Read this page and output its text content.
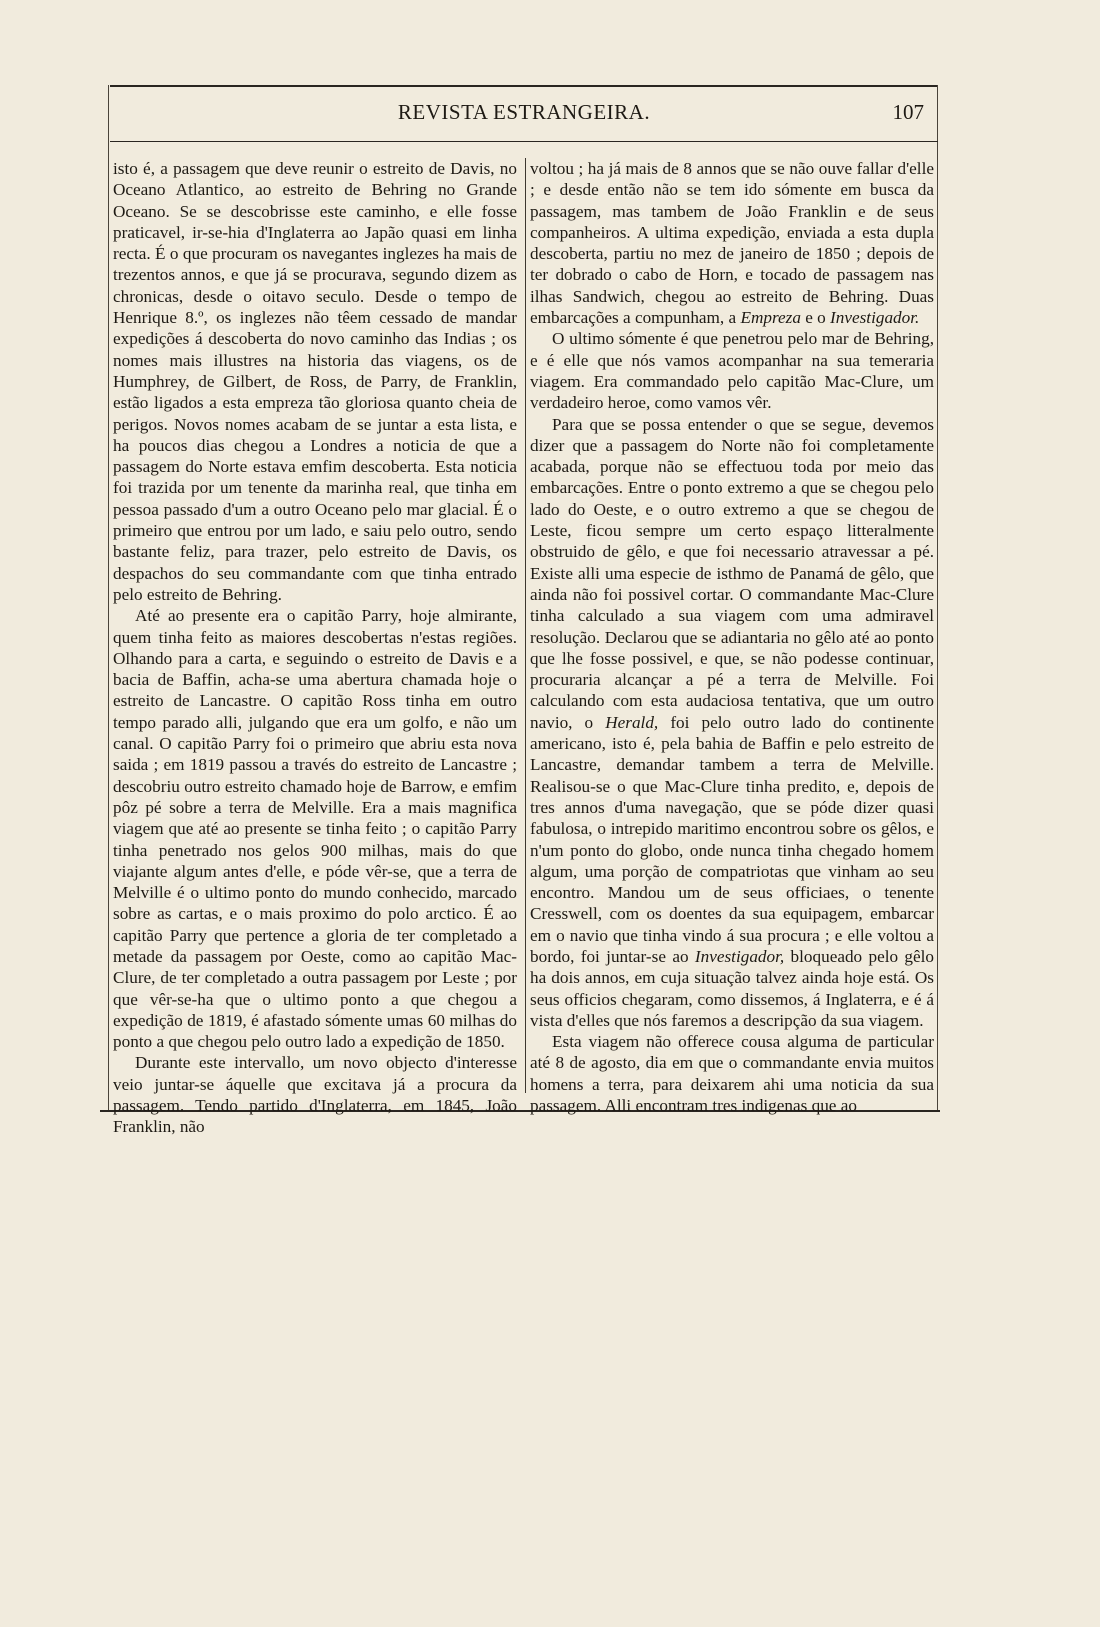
REVISTA ESTRANGEIRA.	107

isto é, a passagem que deve reunir o estreito de Davis, no Oceano Atlantico, ao estreito de Behring no Grande Oceano. Se se descobrisse este caminho, e elle fosse praticavel, ir-se-hia d'Inglaterra ao Japão quasi em linha recta. É o que procuram os navegantes inglezes ha mais de trezentos annos, e que já se procurava, segundo dizem as chronicas, desde o oitavo seculo. Desde o tempo de Henrique 8.º, os inglezes não têem cessado de mandar expedições á descoberta do novo caminho das Indias ; os nomes mais illustres na historia das viagens, os de Humphrey, de Gilbert, de Ross, de Parry, de Franklin, estão ligados a esta empreza tão gloriosa quanto cheia de perigos. Novos nomes acabam de se juntar a esta lista, e ha poucos dias chegou a Londres a noticia de que a passagem do Norte estava emfim descoberta. Esta noticia foi trazida por um tenente da marinha real, que tinha em pessoa passado d'um a outro Oceano pelo mar glacial. É o primeiro que entrou por um lado, e saiu pelo outro, sendo bastante feliz, para trazer, pelo estreito de Davis, os despachos do seu commandante com que tinha entrado pelo estreito de Behring.

Até ao presente era o capitão Parry, hoje almirante, quem tinha feito as maiores descobertas n'estas regiões. Olhando para a carta, e seguindo o estreito de Davis e a bacia de Baffin, acha-se uma abertura chamada hoje o estreito de Lancastre. O capitão Ross tinha em outro tempo parado alli, julgando que era um golfo, e não um canal. O capitão Parry foi o primeiro que abriu esta nova saida ; em 1819 passou a través do estreito de Lancastre ; descobriu outro estreito chamado hoje de Barrow, e emfim pôz pé sobre a terra de Melville. Era a mais magnifica viagem que até ao presente se tinha feito ; o capitão Parry tinha penetrado nos gelos 900 milhas, mais do que viajante algum antes d'elle, e póde vêr-se, que a terra de Melville é o ultimo ponto do mundo conhecido, marcado sobre as cartas, e o mais proximo do polo arctico. É ao capitão Parry que pertence a gloria de ter completado a metade da passagem por Oeste, como ao capitão Mac-Clure, de ter completado a outra passagem por Leste ; por que vêr-se-ha que o ultimo ponto a que chegou a expedição de 1819, é afastado sómente umas 60 milhas do ponto a que chegou pelo outro lado a expedição de 1850.

Durante este intervallo, um novo objecto d'interesse veio juntar-se áquelle que excitava já a procura da passagem. Tendo partido d'Inglaterra, em 1845, João Franklin, não

voltou ; ha já mais de 8 annos que se não ouve fallar d'elle ; e desde então não se tem ido sómente em busca da passagem, mas tambem de João Franklin e de seus companheiros. A ultima expedição, enviada a esta dupla descoberta, partiu no mez de janeiro de 1850 ; depois de ter dobrado o cabo de Horn, e tocado de passagem nas ilhas Sandwich, chegou ao estreito de Behring. Duas embarcações a compunham, a Empreza e o Investigador.

O ultimo sómente é que penetrou pelo mar de Behring, e é elle que nós vamos acompanhar na sua temeraria viagem. Era commandado pelo capitão Mac-Clure, um verdadeiro heroe, como vamos vêr.

Para que se possa entender o que se segue, devemos dizer que a passagem do Norte não foi completamente acabada, porque não se effectuou toda por meio das embarcações. Entre o ponto extremo a que se chegou pelo lado do Oeste, e o outro extremo a que se chegou de Leste, ficou sempre um certo espaço litteralmente obstruido de gêlo, e que foi necessario atravessar a pé. Existe alli uma especie de isthmo de Panamá de gêlo, que ainda não foi possivel cortar. O commandante Mac-Clure tinha calculado a sua viagem com uma admiravel resolução. Declarou que se adiantaria no gêlo até ao ponto que lhe fosse possivel, e que, se não podesse continuar, procuraria alcançar a pé a terra de Melville. Foi calculando com esta audaciosa tentativa, que um outro navio, o Herald, foi pelo outro lado do continente americano, isto é, pela bahia de Baffin e pelo estreito de Lancastre, demandar tambem a terra de Melville. Realisou-se o que Mac-Clure tinha predito, e, depois de tres annos d'uma navegação, que se póde dizer quasi fabulosa, o intrepido maritimo encontrou sobre os gêlos, e n'um ponto do globo, onde nunca tinha chegado homem algum, uma porção de compatriotas que vinham ao seu encontro. Mandou um de seus officiaes, o tenente Cresswell, com os doentes da sua equipagem, embarcar em o navio que tinha vindo á sua procura ; e elle voltou a bordo, foi juntar-se ao Investigador, bloqueado pelo gêlo ha dois annos, em cuja situação talvez ainda hoje está. Os seus officios chegaram, como dissemos, á Inglaterra, e é á vista d'elles que nós faremos a descripção da sua viagem.

Esta viagem não offerece cousa alguma de particular até 8 de agosto, dia em que o commandante envia muitos homens a terra, para deixarem ahi uma noticia da sua passagem. Alli encontram tres indigenas que ao
